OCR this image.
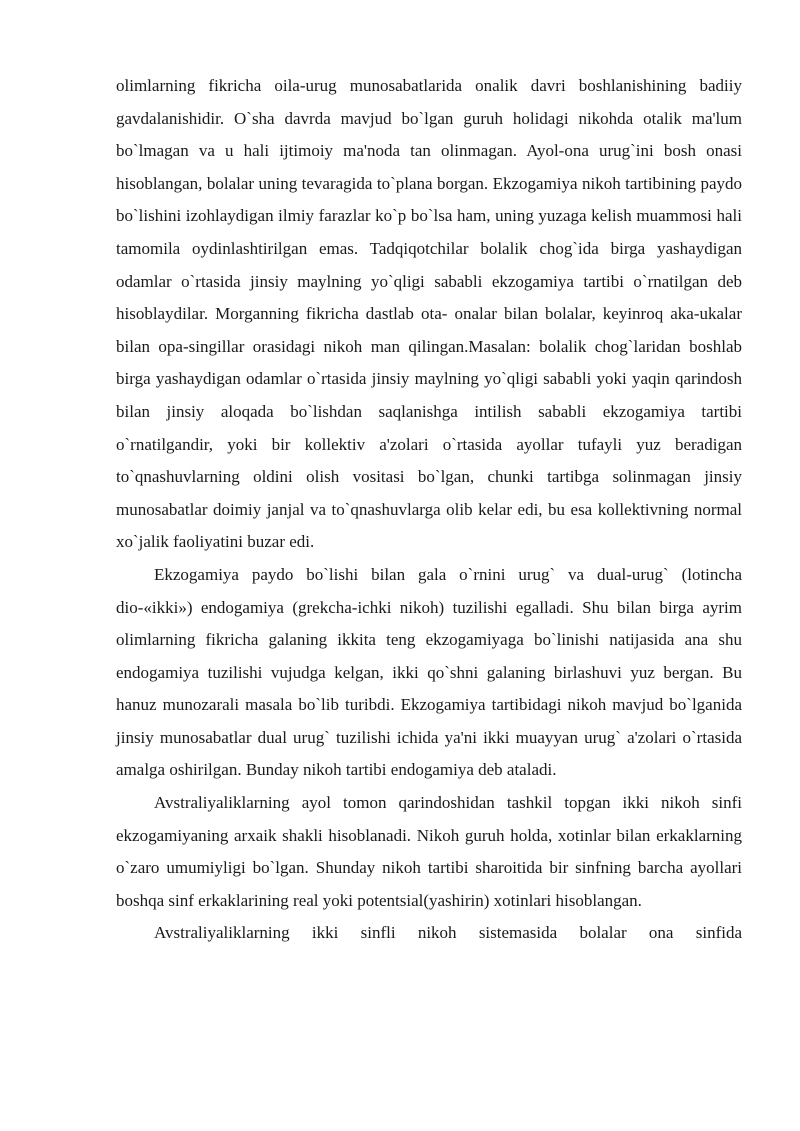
olimlarning fikricha oila-urug munosabatlarida onalik davri boshlanishining badiiy gavdalanishidir. O`sha davrda mavjud bo`lgan guruh holidagi nikohda otalik ma'lum bo`lmagan va u hali ijtimoiy ma'noda tan olinmagan. Ayol-ona urug`ini bosh onasi hisoblangan, bolalar uning tevaragida to`plana borgan. Ekzogamiya nikoh tartibining paydo bo`lishini izohlaydigan ilmiy farazlar ko`p bo`lsa ham, uning yuzaga kelish muammosi hali tamomila oydinlashtirilgan emas. Tadqiqotchilar bolalik chog`ida birga yashaydigan odamlar o`rtasida jinsiy maylning yo`qligi sababli ekzogamiya tartibi o`rnatilgan deb hisoblaydilar. Morganning fikricha dastlab ota- onalar bilan bolalar, keyinroq aka-ukalar bilan opa-singillar orasidagi nikoh man qilingan.Masalan: bolalik chog`laridan boshlab birga yashaydigan odamlar o`rtasida jinsiy maylning yo`qligi sababli yoki yaqin qarindosh bilan jinsiy aloqada bo`lishdan saqlanishga intilish sababli ekzogamiya tartibi o`rnatilgandir, yoki bir kollektiv a'zolari o`rtasida ayollar tufayli yuz beradigan to`qnashuvlarning oldini olish vositasi bo`lgan, chunki tartibga solinmagan jinsiy munosabatlar doimiy janjal va to`qnashuvlarga olib kelar edi, bu esa kollektivning normal xo`jalik faoliyatini buzar edi.

Ekzogamiya paydo bo`lishi bilan gala o`rnini urug` va dual-urug` (lotincha dio-«ikki») endogamiya (grekcha-ichki nikoh) tuzilishi egalladi. Shu bilan birga ayrim olimlarning fikricha galaning ikkita teng ekzogamiyaga bo`linishi natijasida ana shu endogamiya tuzilishi vujudga kelgan, ikki qo`shni galaning birlashuvi yuz bergan. Bu hanuz munozarali masala bo`lib turibdi. Ekzogamiya tartibidagi nikoh mavjud bo`lganida jinsiy munosabatlar dual urug` tuzilishi ichida ya'ni ikki muayyan urug` a'zolari o`rtasida amalga oshirilgan. Bunday nikoh tartibi endogamiya deb ataladi.

Avstraliyaliklarning ayol tomon qarindoshidan tashkil topgan ikki nikoh sinfi ekzogamiyaning arxaik shakli hisoblanadi. Nikoh guruh holda, xotinlar bilan erkaklarning o`zaro umumiyligi bo`lgan. Shunday nikoh tartibi sharoitida bir sinfning barcha ayollari boshqa sinf erkaklarining real yoki potentsial(yashirin) xotinlari hisoblangan.

Avstraliyaliklarning ikki sinfli nikoh sistemasida bolalar ona sinfida
